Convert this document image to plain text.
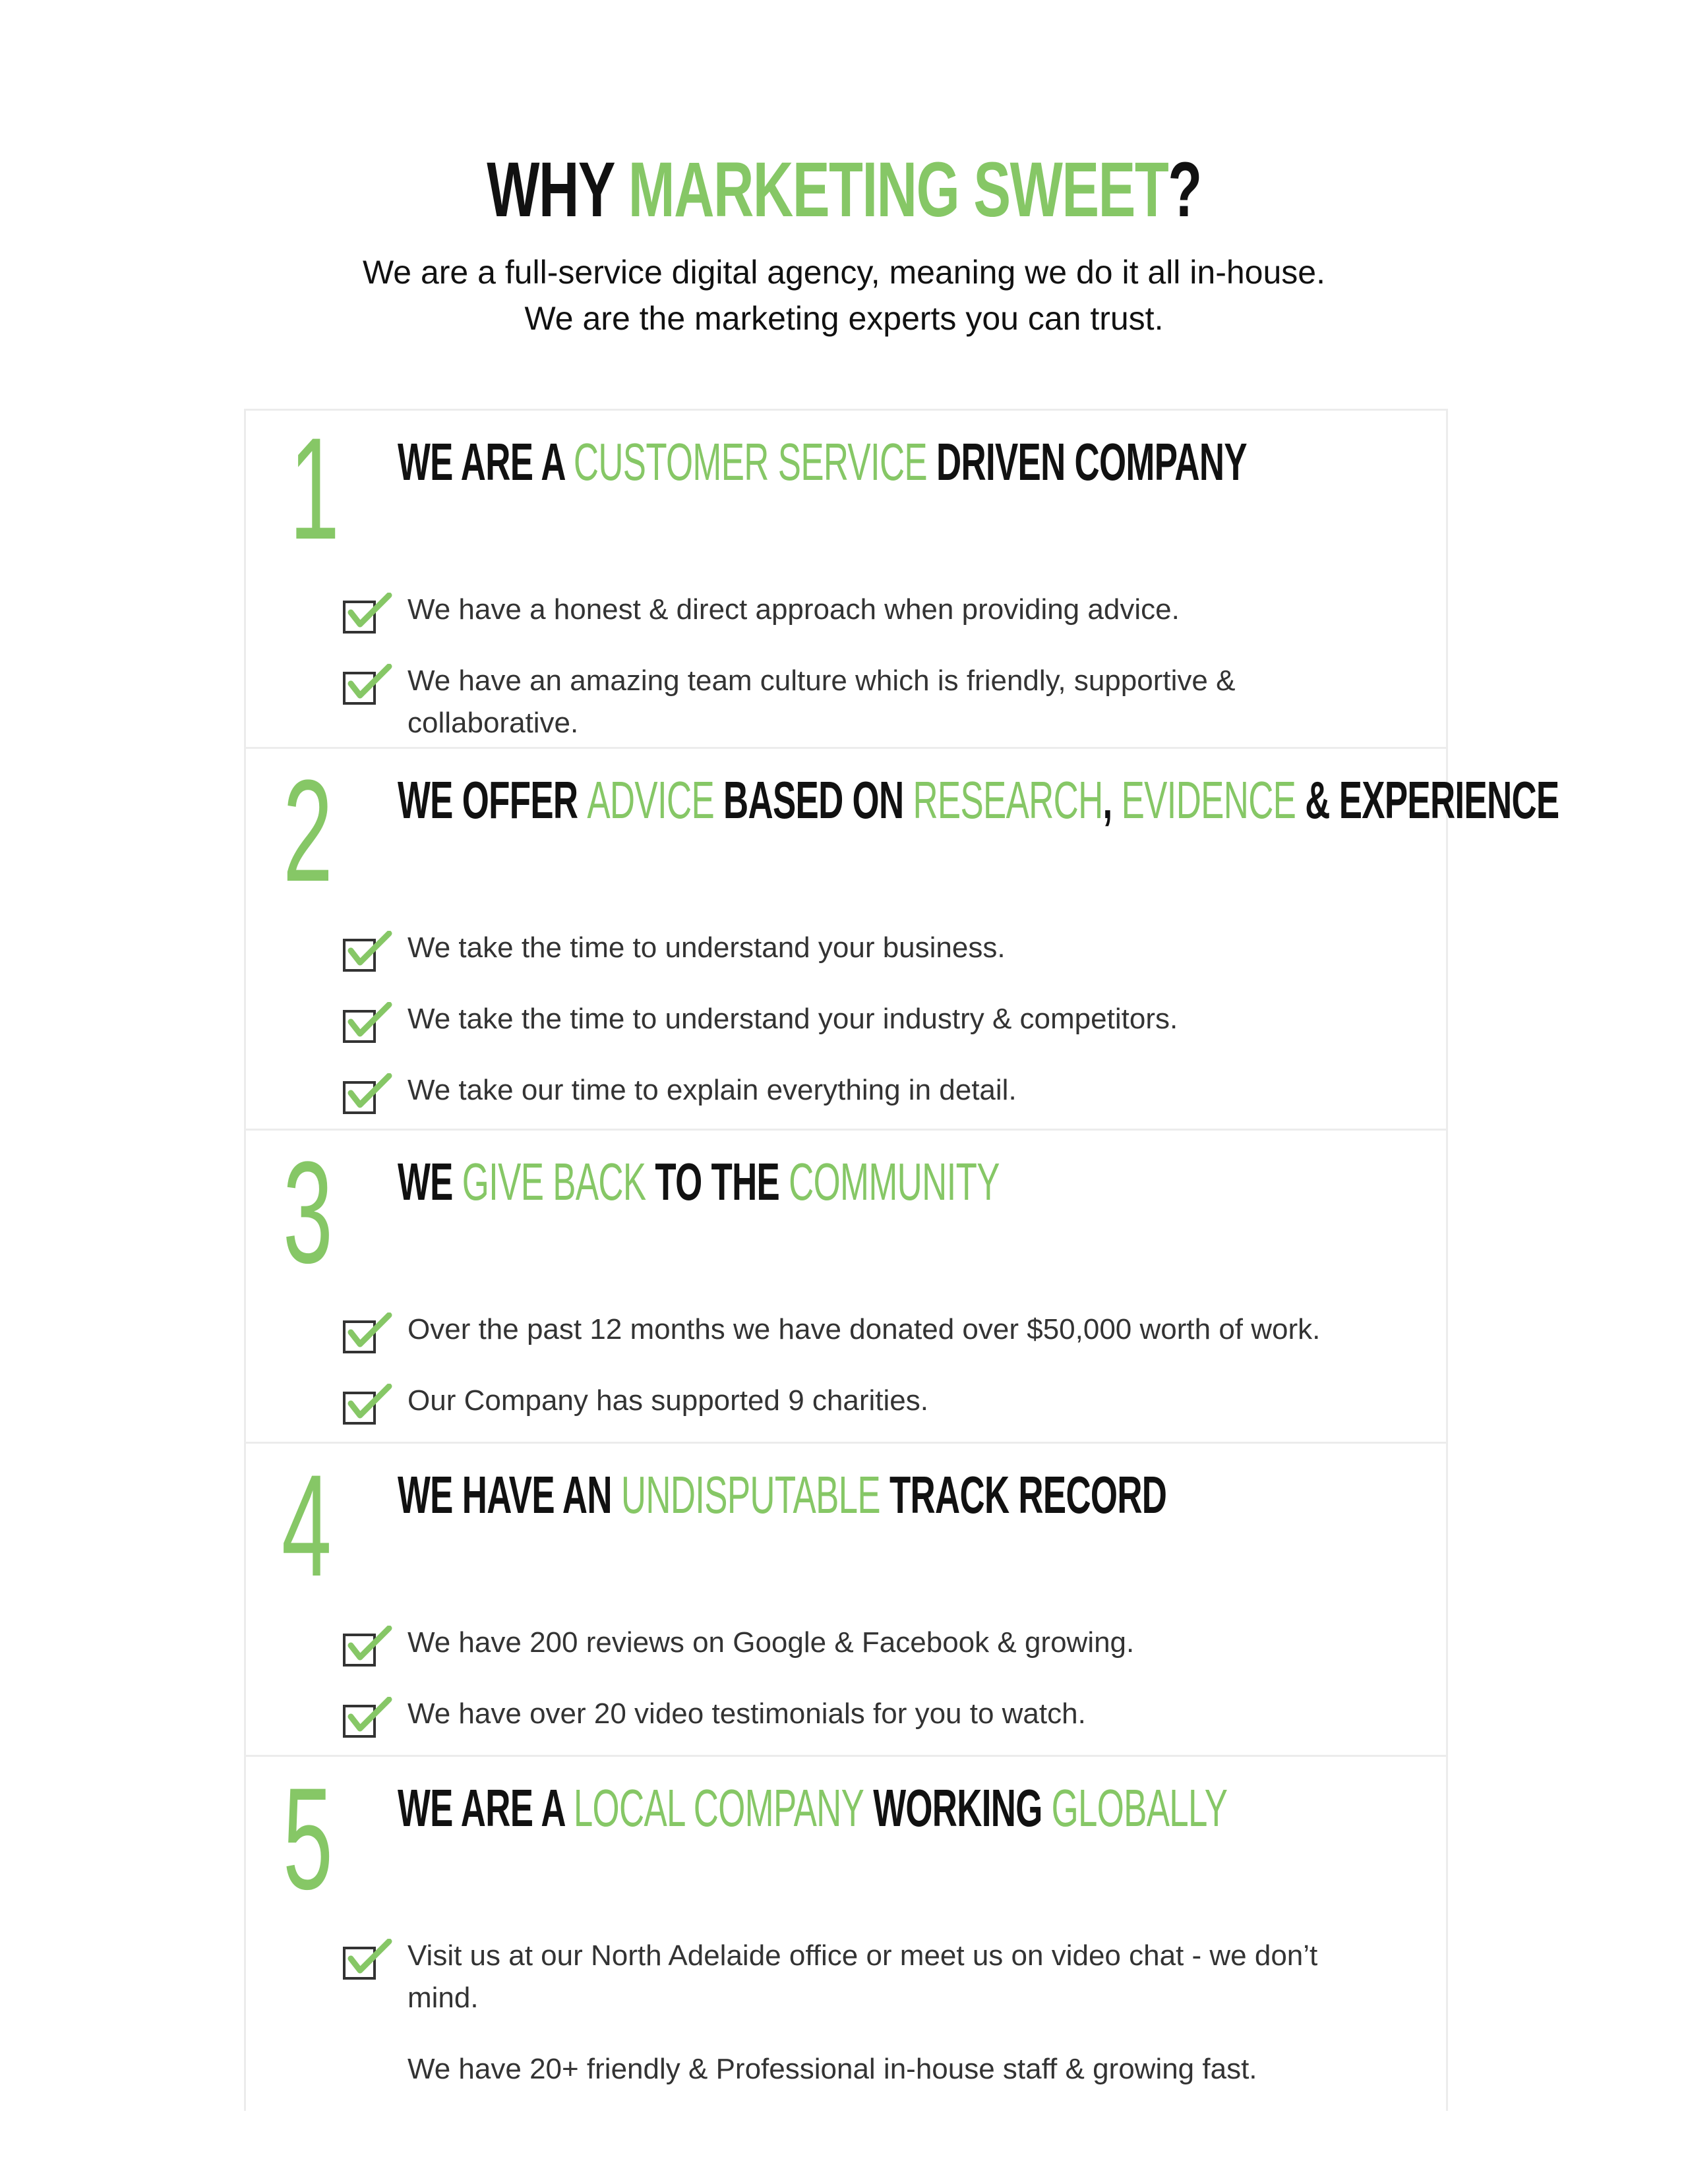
WHY MARKETING SWEET?
We are a full-service digital agency, meaning we do it all in-house.
We are the marketing experts you can trust.
1 WE ARE A CUSTOMER SERVICE DRIVEN COMPANY
We have a honest & direct approach when providing advice.
We have an amazing team culture which is friendly, supportive & collaborative.
2 WE OFFER ADVICE BASED ON RESEARCH, EVIDENCE & EXPERIENCE
We take the time to understand your business.
We take the time to understand your industry & competitors.
We take our time to explain everything in detail.
3 WE GIVE BACK TO THE COMMUNITY
Over the past 12 months we have donated over $50,000 worth of work.
Our Company has supported 9 charities.
4 WE HAVE AN UNDISPUTABLE TRACK RECORD
We have 200 reviews on Google & Facebook & growing.
We have over 20 video testimonials for you to watch.
5 WE ARE A LOCAL COMPANY WORKING GLOBALLY
Visit us at our North Adelaide office or meet us on video chat - we don’t mind.
We have 20+ friendly & Professional in-house staff & growing fast.
